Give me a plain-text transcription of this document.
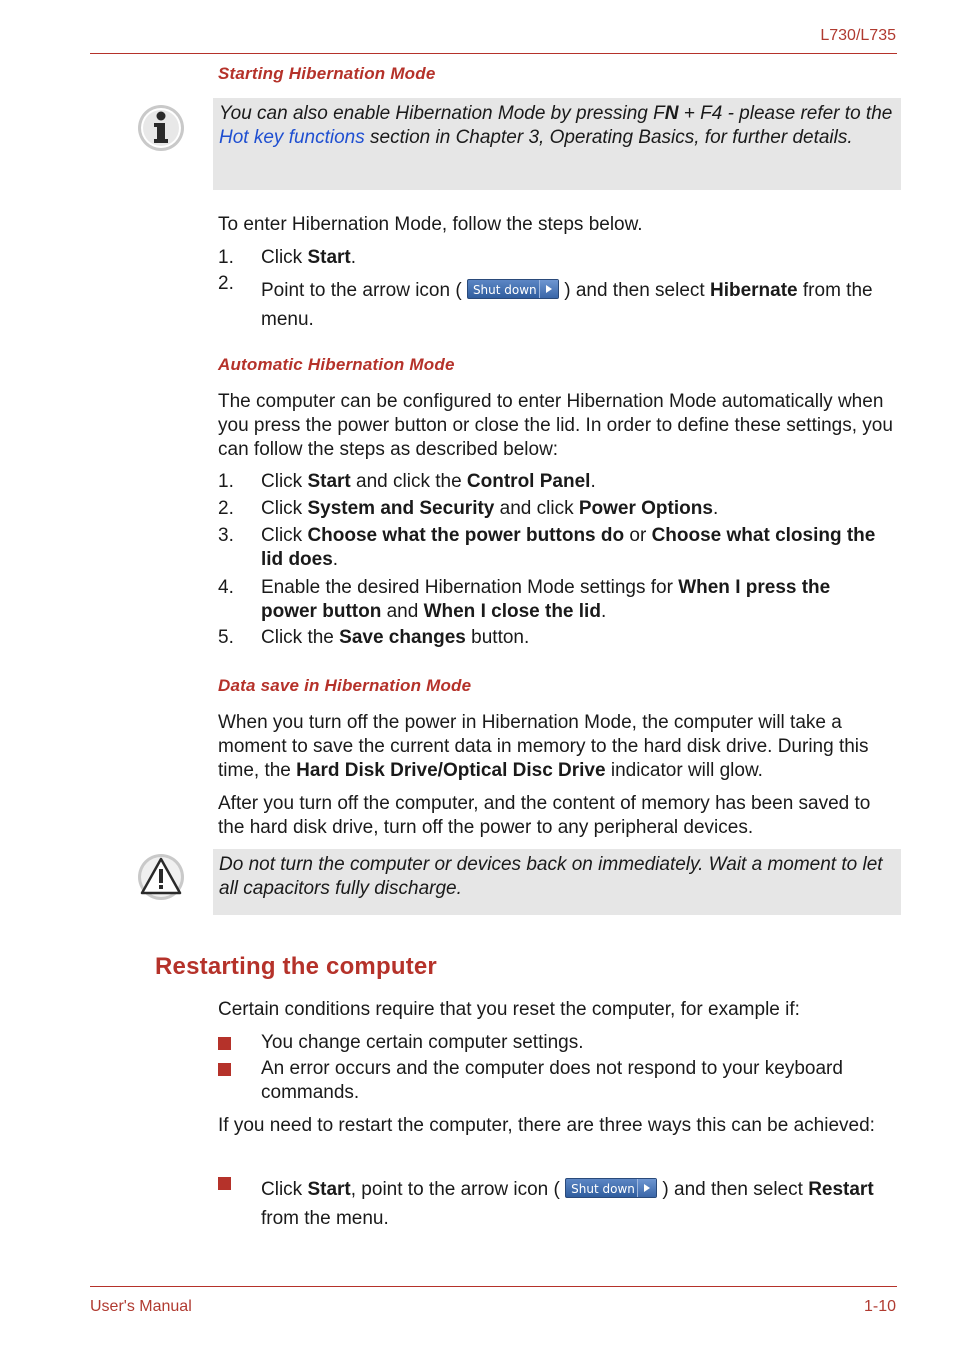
L730/L735
Starting Hibernation Mode
You can also enable Hibernation Mode by pressing FN + F4 - please refer to the Hot key functions section in Chapter 3, Operating Basics, for further details.
To enter Hibernation Mode, follow the steps below.
1. Click Start.
2. Point to the arrow icon ( Shut down
) and then select Hibernate from the menu.
Automatic Hibernation Mode
The computer can be configured to enter Hibernation Mode automatically when you press the power button or close the lid. In order to define these settings, you can follow the steps as described below:
1. Click Start and click the Control Panel.
2. Click System and Security and click Power Options.
3. Click Choose what the power buttons do or Choose what closing the lid does.
4. Enable the desired Hibernation Mode settings for When I press the power button and When I close the lid.
5. Click the Save changes button.
Data save in Hibernation Mode
When you turn off the power in Hibernation Mode, the computer will take a moment to save the current data in memory to the hard disk drive. During this time, the Hard Disk Drive/Optical Disc Drive indicator will glow.
After you turn off the computer, and the content of memory has been saved to the hard disk drive, turn off the power to any peripheral devices.
Do not turn the computer or devices back on immediately. Wait a moment to let all capacitors fully discharge.
Restarting the computer
Certain conditions require that you reset the computer, for example if:
You change certain computer settings.
An error occurs and the computer does not respond to your keyboard commands.
If you need to restart the computer, there are three ways this can be achieved:
Click Start, point to the arrow icon ( Shut down
) and then select Restart from the menu.
User's Manual	1-10
